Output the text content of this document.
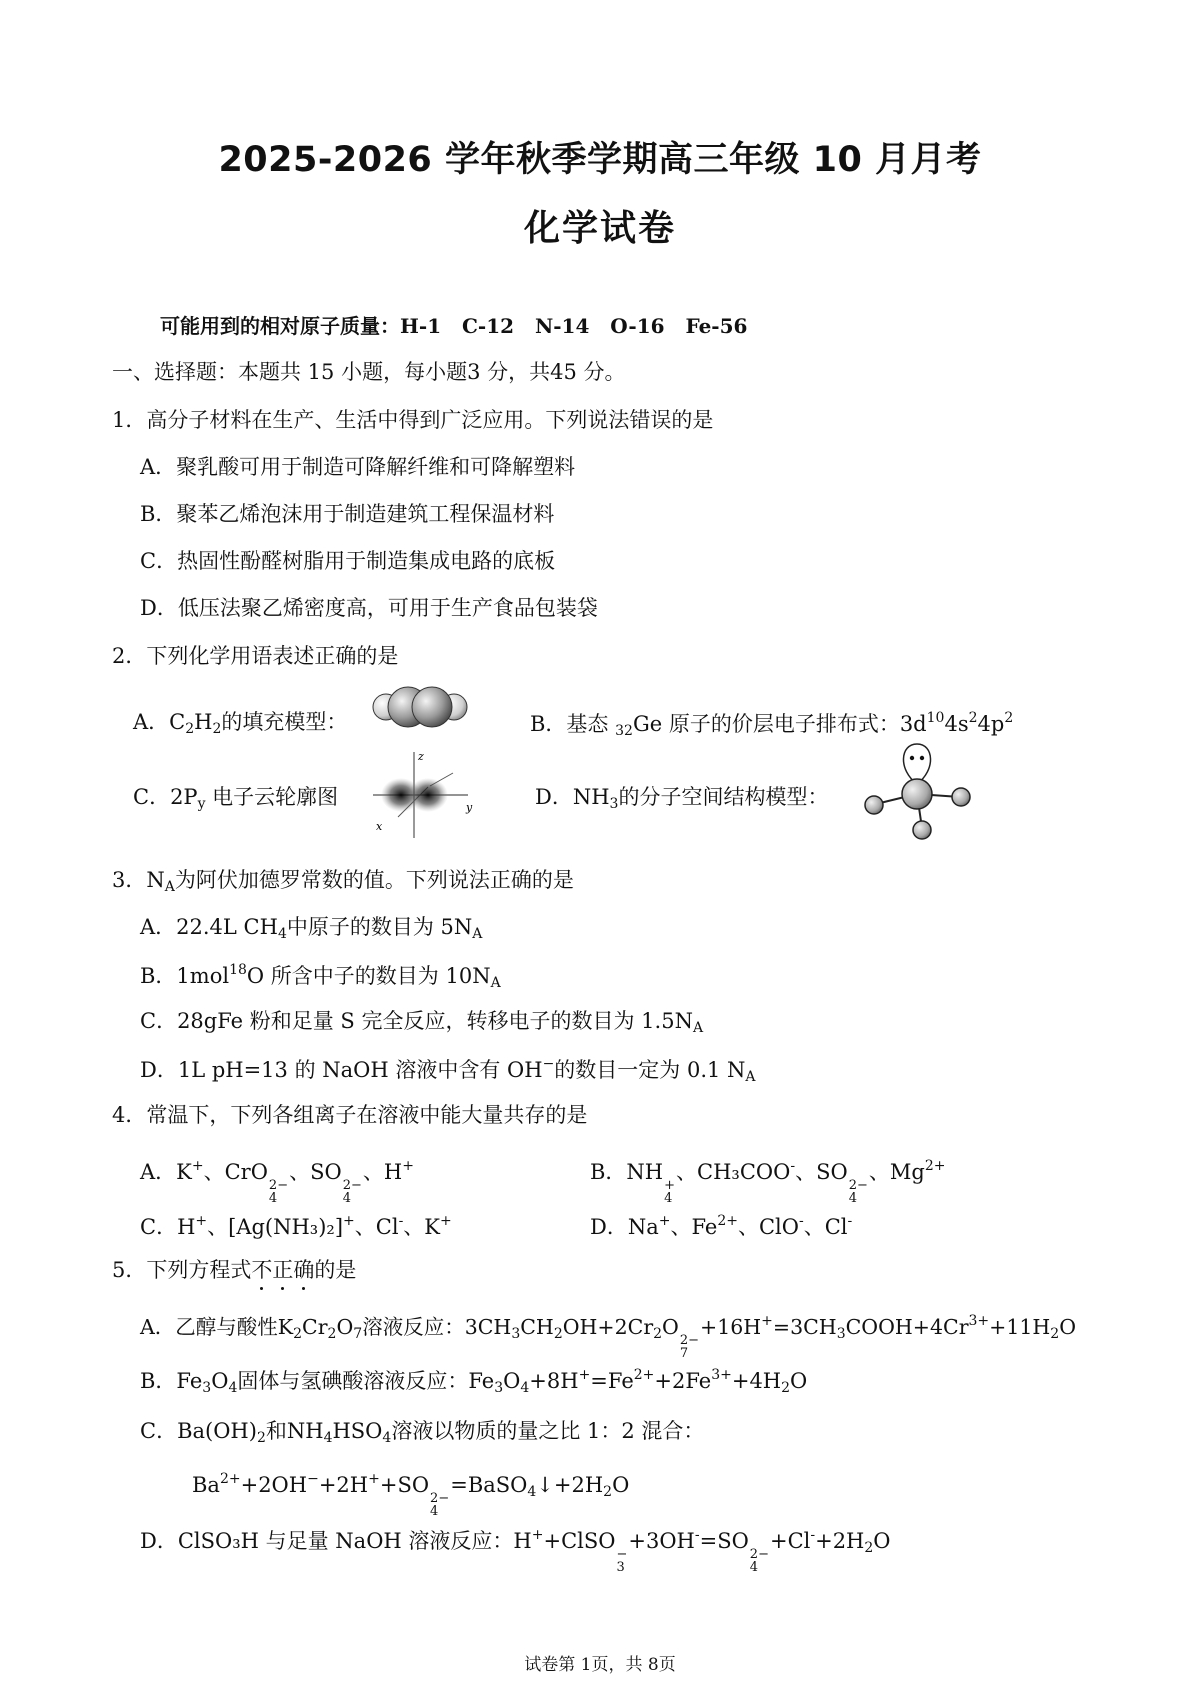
2025-2026 学年秋季学期高三年级 10 月月考
化学试卷
可能用到的相对原子质量：H-1 C-12 N-14 O-16 Fe-56
一、选择题：本题共 15 小题，每小题3 分，共45 分。
1．高分子材料在生产、生活中得到广泛应用。下列说法错误的是
A．聚乳酸可用于制造可降解纤维和可降解塑料
B．聚苯乙烯泡沫用于制造建筑工程保温材料
C．热固性酚醛树脂用于制造集成电路的底板
D．低压法聚乙烯密度高，可用于生产食品包装袋
2．下列化学用语表述正确的是
A．$C_2H_2$的填充模型：	B．基态 $_{32}$Ge 原子的价层电子排布式：$3d^{10}4s^24p^2$
C．$2P_y$ 电子云轮廓图
z
y
x
D．$NH_3$的分子空间结构模型：
3．$N_A$为阿伏加德罗常数的值。下列说法正确的是
A．22.4L $CH_4$中原子的数目为 $5N_A$
B．1mol$^{18}$O 所含中子的数目为 $10N_A$
C．28gFe 粉和足量 S 完全反应，转移电子的数目为 $1.5N_A$
D．1L pH=13 的 NaOH 溶液中含有 OH−的数目一定为 0.1 $N_A$
4．常温下，下列各组离子在溶液中能大量共存的是
A．K+、CrO
2−
4
、SO
2−
4
、H+	B．NH
+
4
、CH₃COO-、SO
2−
4
、$Mg^{2+}$
C．H+、[Ag(NH₃)₂]+、Cl-、K+	D．Na+、$Fe^{2+}$、ClO-、Cl-
5．下列方程式不正确的是
A．乙醇与酸性$K_2Cr_2O_7$溶液反应：$3CH_3CH_2OH+2Cr_2O$
2−
7
$+16H^+=3CH_3COOH+4Cr^{3+}+11H_2O$
B．$Fe_3O_4$固体与氢碘酸溶液反应：$Fe_3O_4+8H^+=Fe^{2+}+2Fe^{3+}+4H_2O$
C．$Ba(OH)_2$和$NH_4HSO_4$溶液以物质的量之比 1：2 混合：
$Ba^{2+}+2OH^-+2H^++SO$
2−
4
$=BaSO_4↓+2H_2O$
D．ClSO₃H 与足量 NaOH 溶液反应：H++ClSO
−
3
+3OH-=SO
2−
4
$+Cl^-+2H_2O$
试卷第 1页，共 8页
